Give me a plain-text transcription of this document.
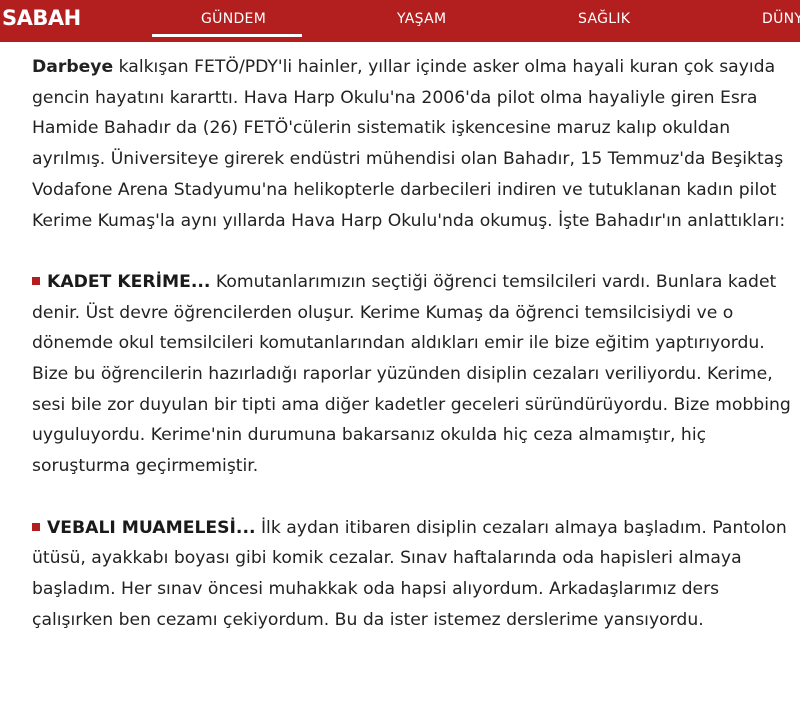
SABAH	GÜNDEM	YAŞAM	SAĞLIK	DÜNYA

Darbeye kalkışan FETÖ/PDY'li hainler, yıllar içinde asker olma hayali kuran çok sayıda gencin hayatını kararttı. Hava Harp Okulu'na 2006'da pilot olma hayaliyle giren Esra Hamide Bahadır da (26) FETÖ'cülerin sistematik işkencesine maruz kalıp okuldan ayrılmış. Üniversiteye girerek endüstri mühendisi olan Bahadır, 15 Temmuz'da Beşiktaş Vodafone Arena Stadyumu'na helikopterle darbecileri indiren ve tutuklanan kadın pilot Kerime Kumaş'la aynı yıllarda Hava Harp Okulu'nda okumuş. İşte Bahadır'ın anlattıkları:

KADET KERİME... Komutanlarımızın seçtiği öğrenci temsilcileri vardı. Bunlara kadet denir. Üst devre öğrencilerden oluşur. Kerime Kumaş da öğrenci temsilcisiydi ve o dönemde okul temsilcileri komutanlarından aldıkları emir ile bize eğitim yaptırıyordu. Bize bu öğrencilerin hazırladığı raporlar yüzünden disiplin cezaları veriliyordu. Kerime, sesi bile zor duyulan bir tipti ama diğer kadetler geceleri süründürüyordu. Bize mobbing uyguluyordu. Kerime'nin durumuna bakarsanız okulda hiç ceza almamıştır, hiç soruşturma geçirmemiştir.

VEBALI MUAMELESİ... İlk aydan itibaren disiplin cezaları almaya başladım. Pantolon ütüsü, ayakkabı boyası gibi komik cezalar. Sınav haftalarında oda hapisleri almaya başladım. Her sınav öncesi muhakkak oda hapsi alıyordum. Arkadaşlarımız ders çalışırken ben cezamı çekiyordum. Bu da ister istemez derslerime yansıyordu.
